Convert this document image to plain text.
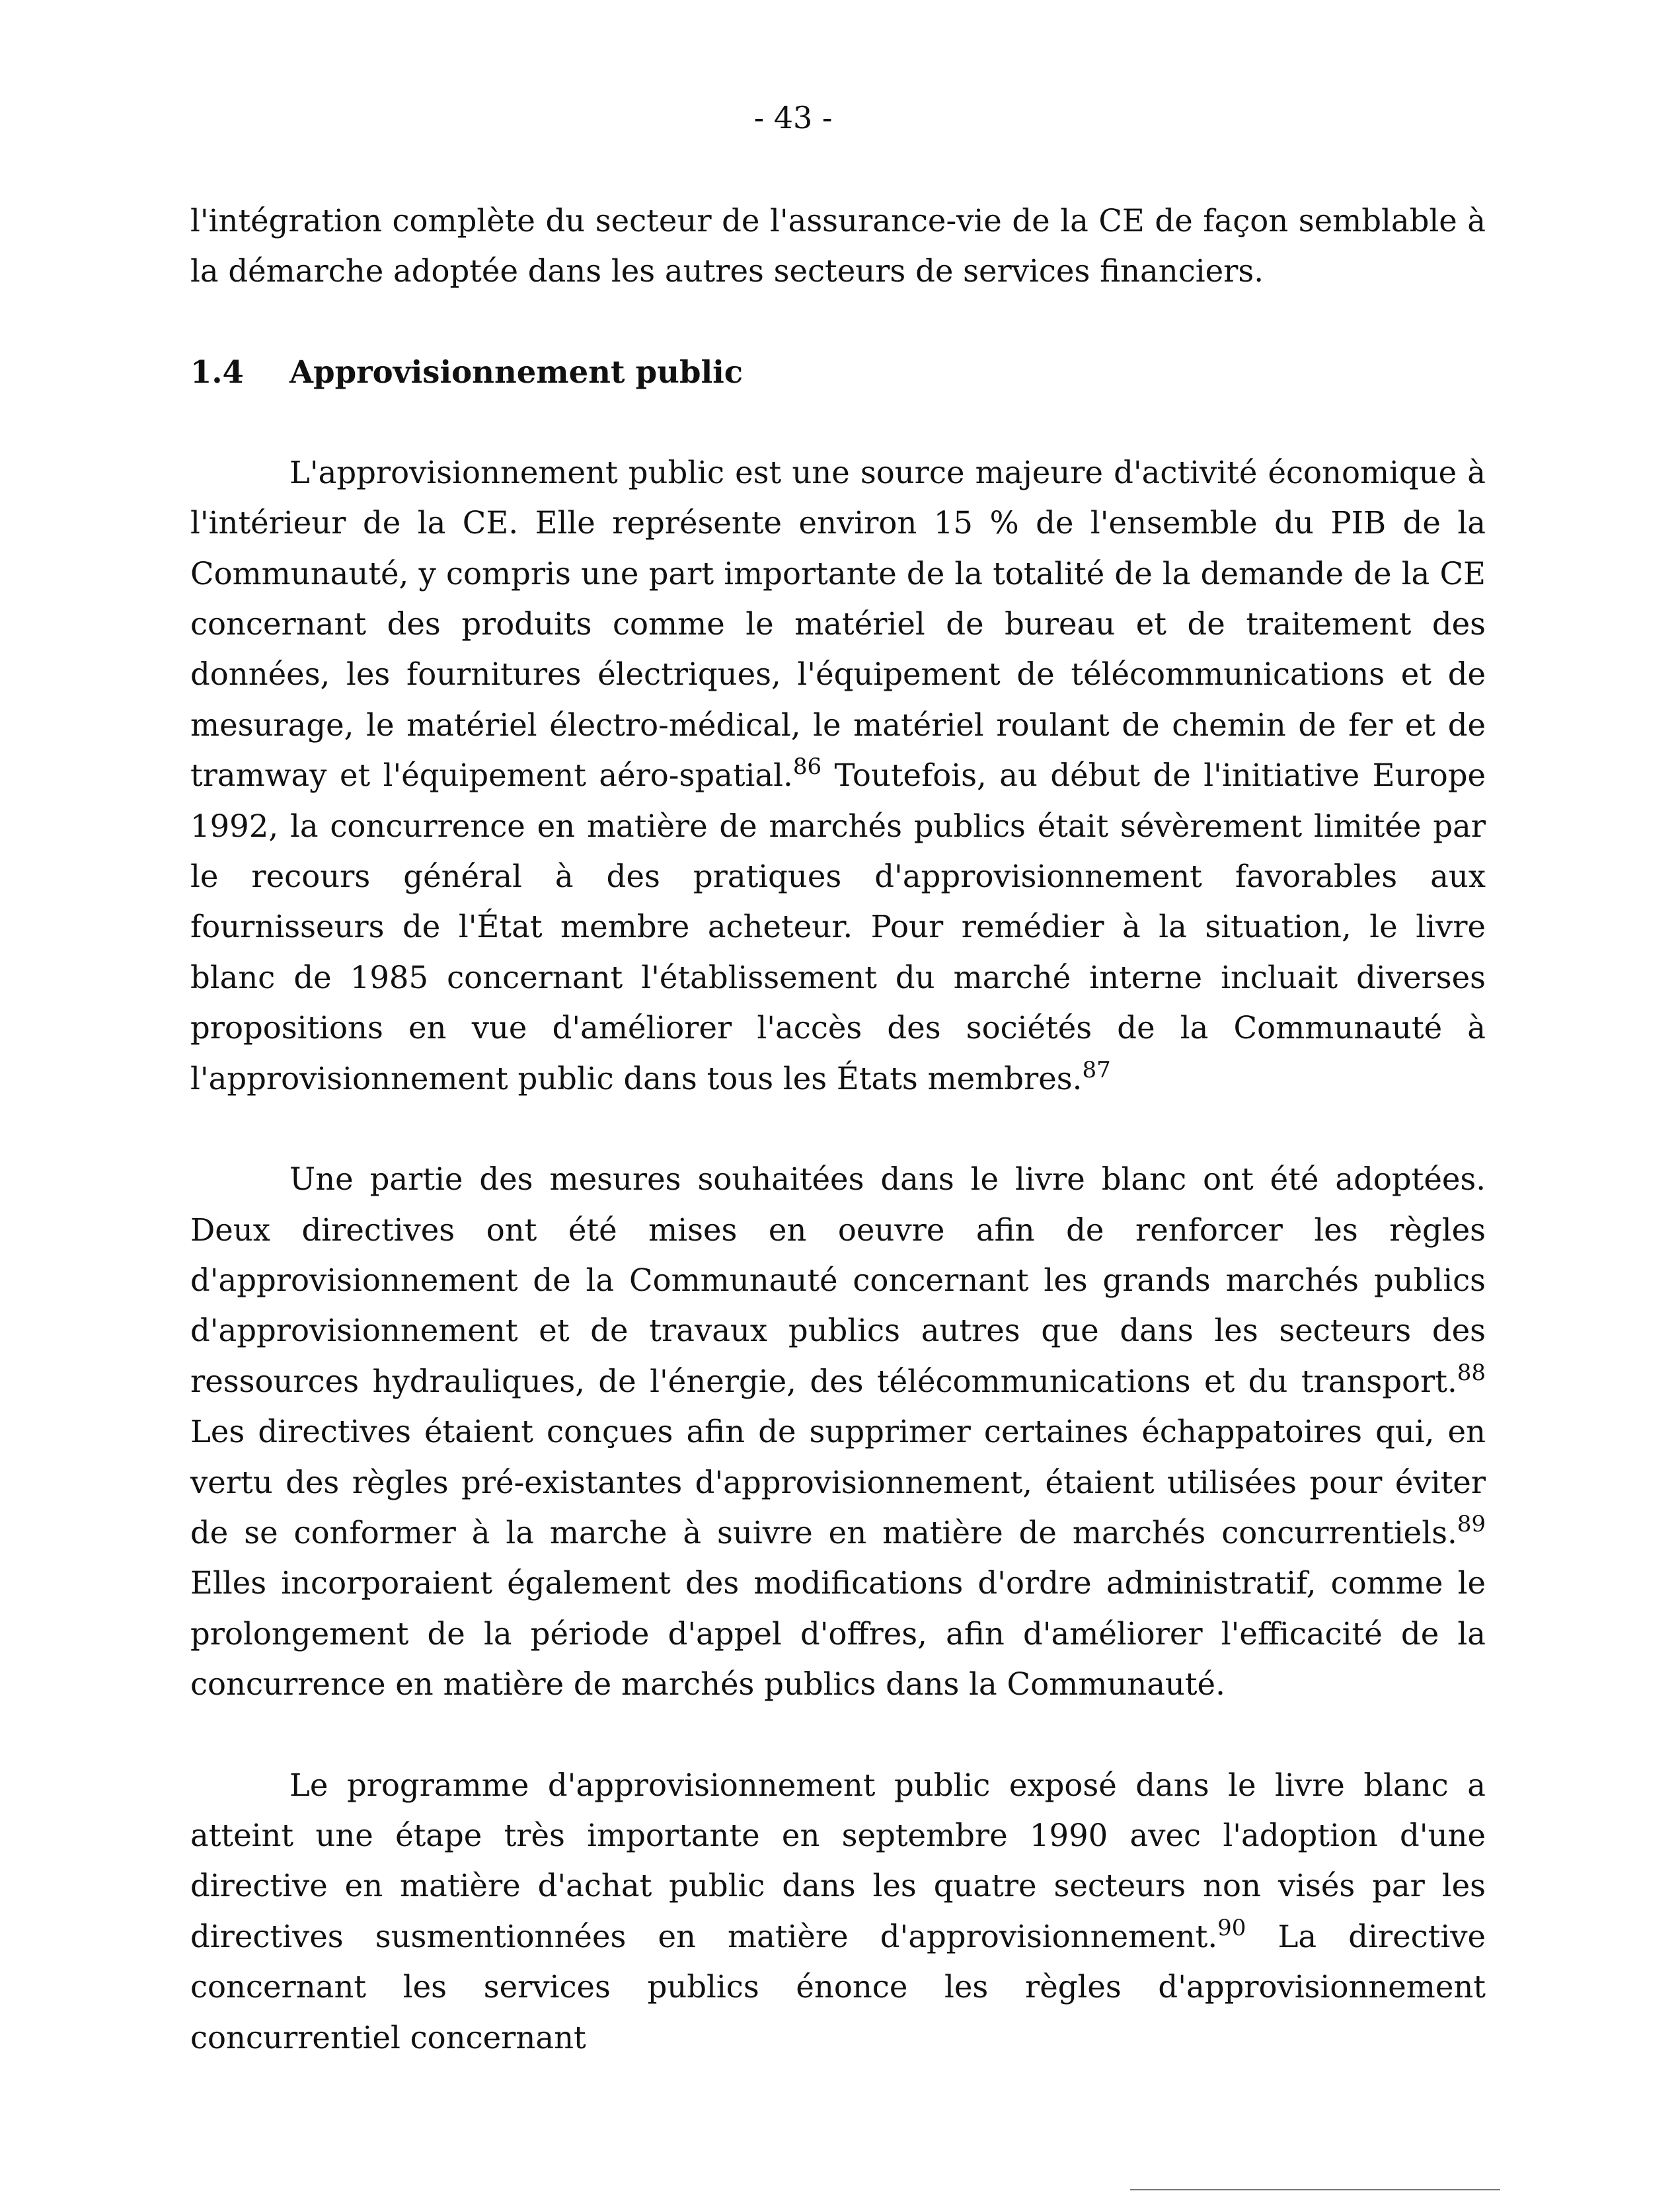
- 43 -

l'intégration complète du secteur de l'assurance-vie de la CE de façon semblable à la démarche adoptée dans les autres secteurs de services financiers.

1.4	Approvisionnement public

L'approvisionnement public est une source majeure d'activité économique à l'intérieur de la CE. Elle représente environ 15 % de l'ensemble du PIB de la Communauté, y compris une part importante de la totalité de la demande de la CE concernant des produits comme le matériel de bureau et de traitement des données, les fournitures électriques, l'équipement de télécommunications et de mesurage, le matériel électro-médical, le matériel roulant de chemin de fer et de tramway et l'équipement aéro-spatial.$^{86}$ Toutefois, au début de l'initiative Europe 1992, la concurrence en matière de marchés publics était sévèrement limitée par le recours général à des pratiques d'approvisionnement favorables aux fournisseurs de l'État membre acheteur. Pour remédier à la situation, le livre blanc de 1985 concernant l'établissement du marché interne incluait diverses propositions en vue d'améliorer l'accès des sociétés de la Communauté à l'approvisionnement public dans tous les États membres.$^{87}$

Une partie des mesures souhaitées dans le livre blanc ont été adoptées. Deux directives ont été mises en oeuvre afin de renforcer les règles d'approvisionnement de la Communauté concernant les grands marchés publics d'approvisionnement et de travaux publics autres que dans les secteurs des ressources hydrauliques, de l'énergie, des télécommunications et du transport.$^{88}$ Les directives étaient conçues afin de supprimer certaines échappatoires qui, en vertu des règles pré-existantes d'approvisionnement, étaient utilisées pour éviter de se conformer à la marche à suivre en matière de marchés concurrentiels.$^{89}$ Elles incorporaient également des modifications d'ordre administratif, comme le prolongement de la période d'appel d'offres, afin d'améliorer l'efficacité de la concurrence en matière de marchés publics dans la Communauté.

Le programme d'approvisionnement public exposé dans le livre blanc a atteint une étape très importante en septembre 1990 avec l'adoption d'une directive en matière d'achat public dans les quatre secteurs non visés par les directives susmentionnées en matière d'approvisionnement.$^{90}$ La directive concernant les services publics énonce les règles d'approvisionnement concurrentiel concernant
